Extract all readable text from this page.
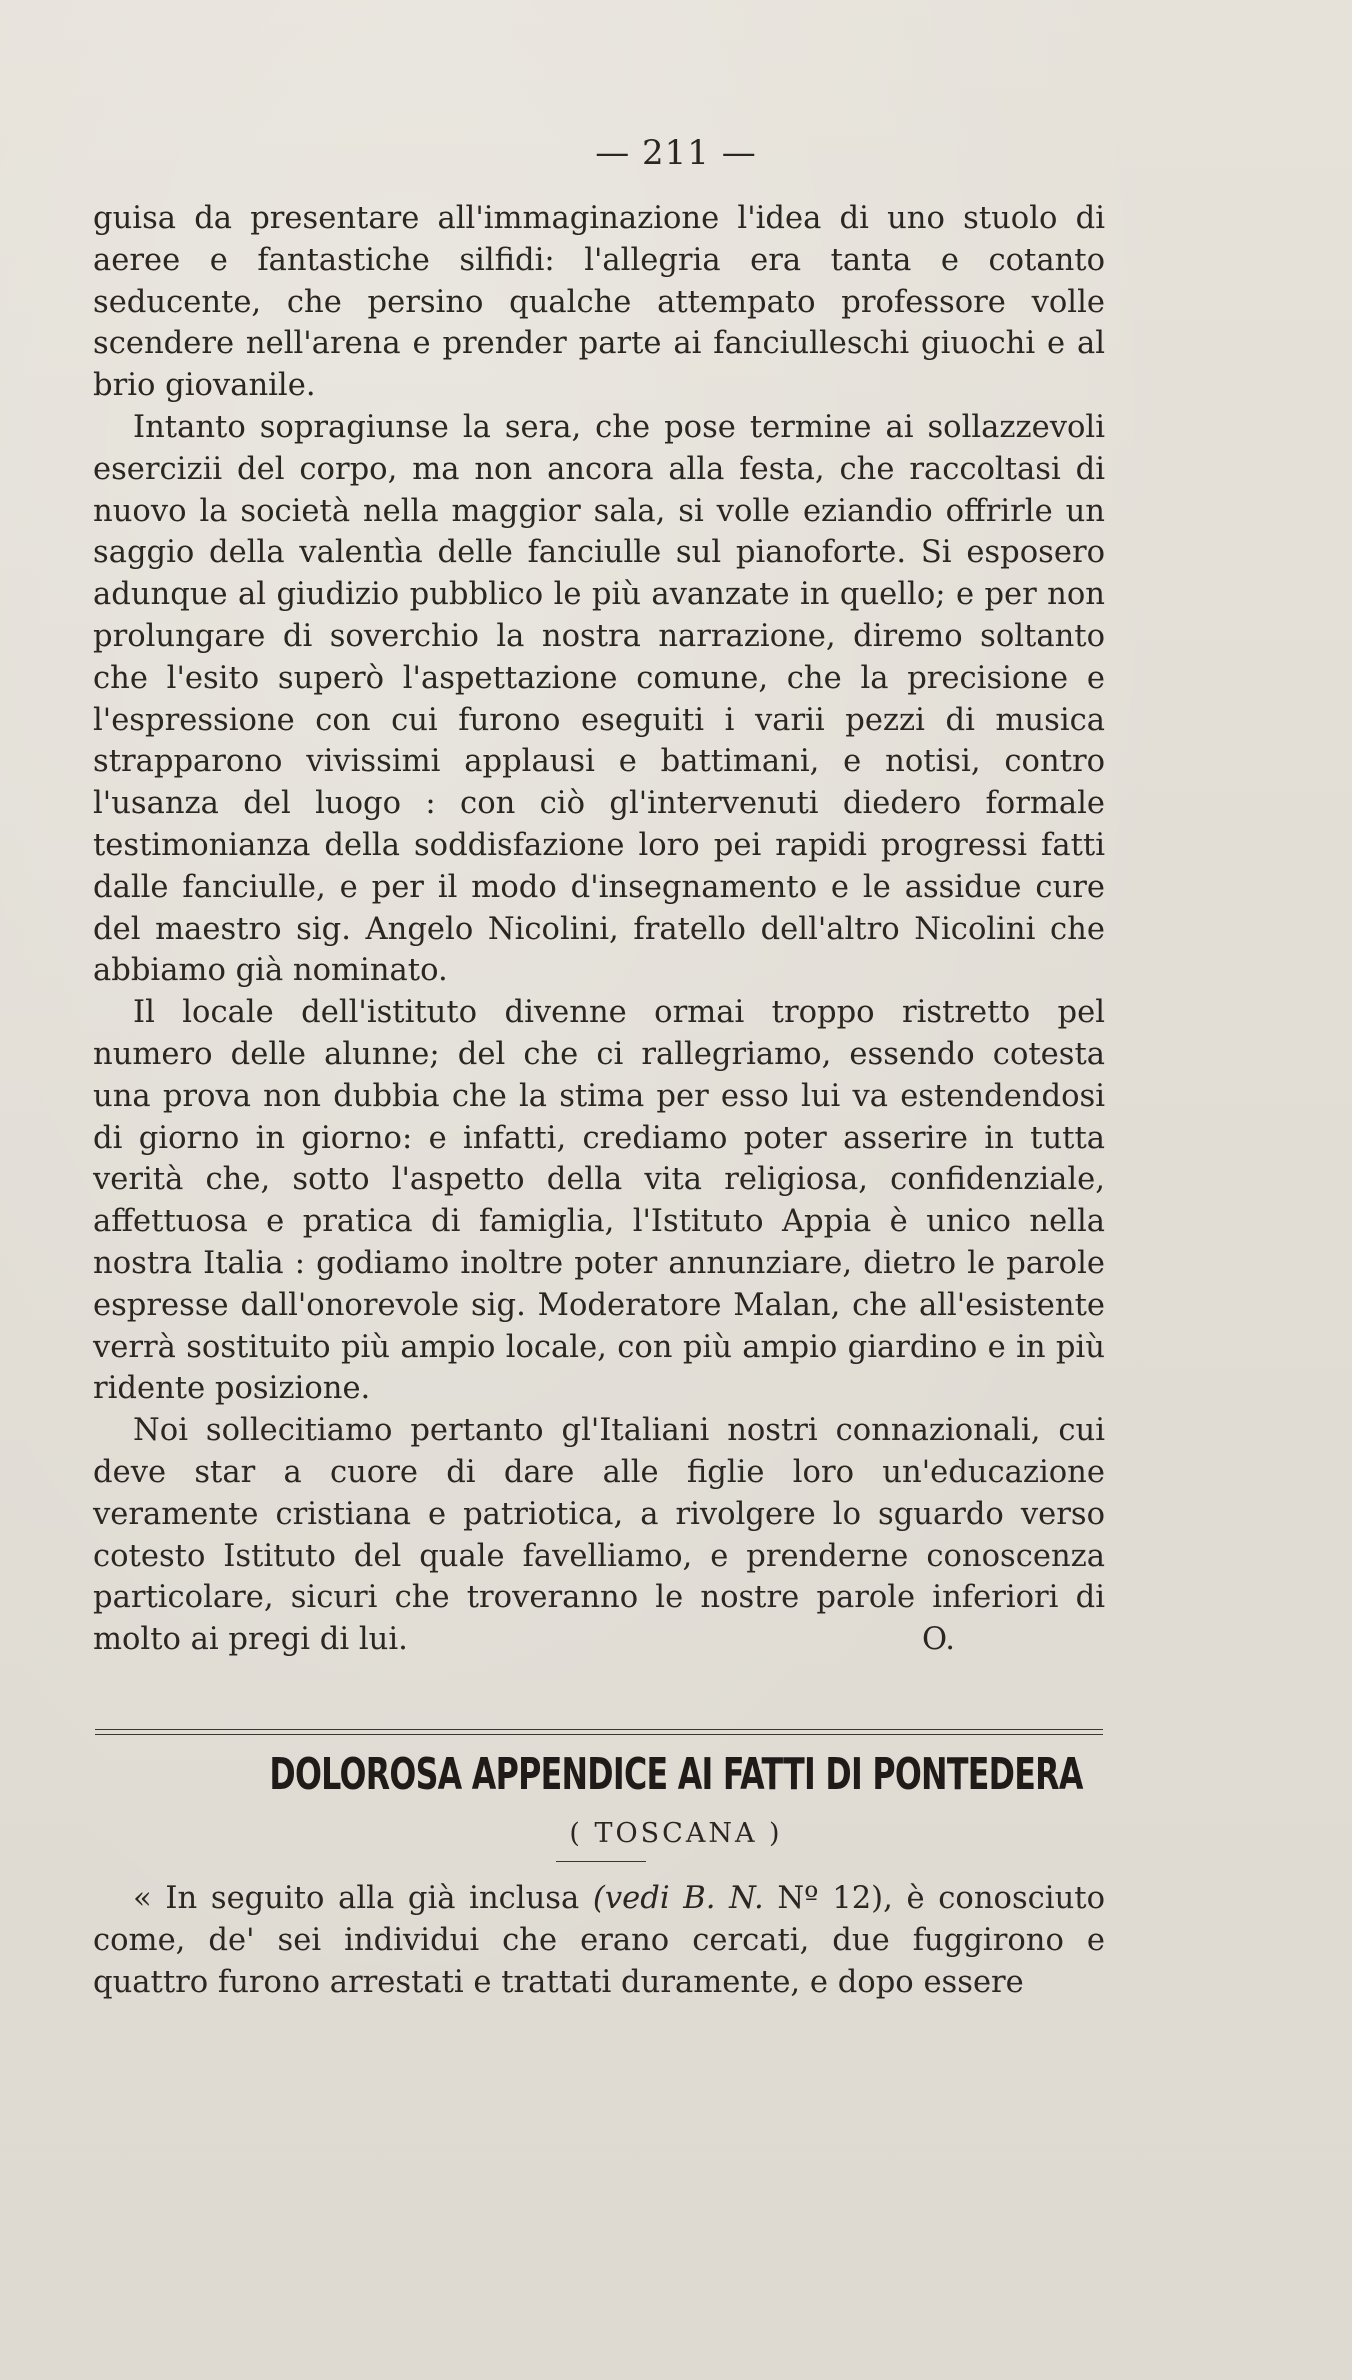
— 211 —

guisa da presentare all'immaginazione l'idea di uno stuolo di aeree e fantastiche silfidi: l'allegria era tanta e cotanto seducente, che persino qualche attempato professore volle scendere nell'arena e prender parte ai fanciulleschi giuochi e al brio giovanile.

Intanto sopragiunse la sera, che pose termine ai sollazzevoli esercizii del corpo, ma non ancora alla festa, che raccoltasi di nuovo la società nella maggior sala, si volle eziandio offrirle un saggio della valentìa delle fanciulle sul pianoforte. Si esposero adunque al giudizio pubblico le più avanzate in quello; e per non prolungare di soverchio la nostra narrazione, diremo soltanto che l'esito superò l'aspettazione comune, che la precisione e l'espressione con cui furono eseguiti i varii pezzi di musica strapparono vivissimi applausi e battimani, e notisi, contro l'usanza del luogo : con ciò gl'intervenuti diedero formale testimonianza della soddisfazione loro pei rapidi progressi fatti dalle fanciulle, e per il modo d'insegnamento e le assidue cure del maestro sig. Angelo Nicolini, fratello dell'altro Nicolini che abbiamo già nominato.

Il locale dell'istituto divenne ormai troppo ristretto pel numero delle alunne; del che ci rallegriamo, essendo cotesta una prova non dubbia che la stima per esso lui va estendendosi di giorno in giorno: e infatti, crediamo poter asserire in tutta verità che, sotto l'aspetto della vita religiosa, confidenziale, affettuosa e pratica di famiglia, l'Istituto Appia è unico nella nostra Italia : godiamo inoltre poter annunziare, dietro le parole espresse dall'onorevole sig. Moderatore Malan, che all'esistente verrà sostituito più ampio locale, con più ampio giardino e in più ridente posizione.

Noi sollecitiamo pertanto gl'Italiani nostri connazionali, cui deve star a cuore di dare alle figlie loro un'educazione veramente cristiana e patriotica, a rivolgere lo sguardo verso cotesto Istituto del quale favelliamo, e prenderne conoscenza particolare, sicuri che troveranno le nostre parole inferiori di molto ai pregi di lui.	O.

DOLOROSA APPENDICE AI FATTI DI PONTEDERA
( TOSCANA )

« In seguito alla già inclusa (vedi B. N. Nº 12), è conosciuto come, de' sei individui che erano cercati, due fuggirono e quattro furono arrestati e trattati duramente, e dopo essere
